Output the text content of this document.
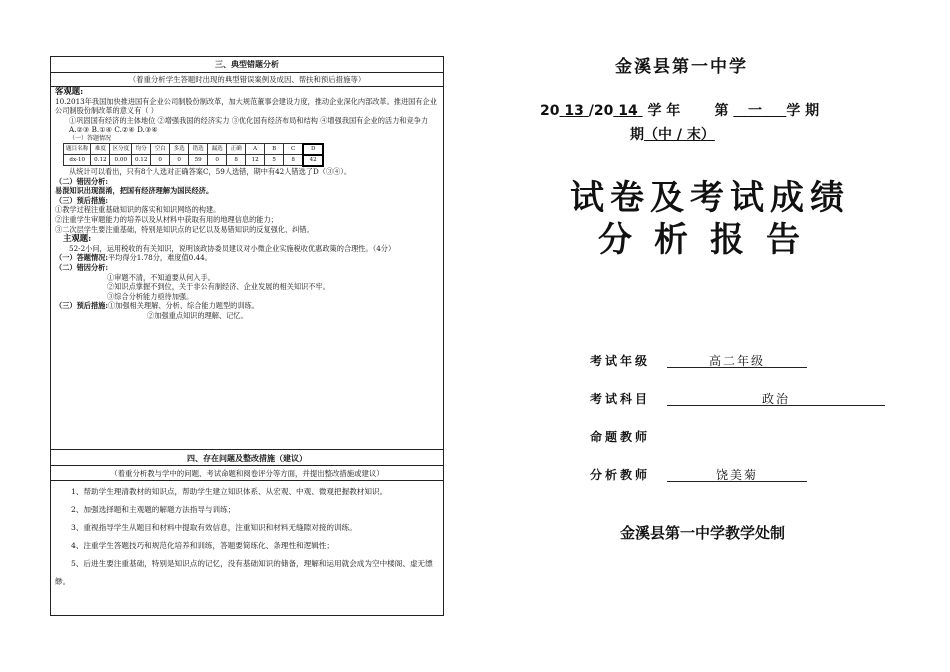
三、典型错题分析
（着重分析学生答题时出现的典型错误案例及成因、帮扶和预后措施等）
客观题:
10.2013年我国加快推进国有企业公司制股份制改革，加大规范董事会建设力度，推动企业深化内部改革。推进国有企业公司制股份制改革的意义有（ ）
①巩固国有经济的主体地位 ②增强我国的经济实力 ③优化国有经济布局和结构 ④增强我国有企业的活力和竞争力
A.②③ B.①④ C.②④ D.③④
（一）答题情况
题目名称	难度	区分度	均分	空白	多选	错选	漏选	正确	A	B	C	D
dx-10	0.12	0.00	0.12	0	0	59	0	8	12	5	8	42
从统计可以看出，只有8个人选对正确答案C，59人选错，期中有42人错选了D（③④）。
（二）错因分析:
易混知识出现混淆，把国有经济理解为国民经济。
（三）预后措施:
①教学过程注重基础知识的落实和知识网络的构建。
②注重学生审题能力的培养以及从材料中获取有用的地理信息的能力；
③二次层学生要注重基础，特别是知识点的记忆以及易错知识的反复强化、纠错。
主观题:
52-2小问，运用税收的有关知识，说明该政协委员建议对小微企业实施税收优惠政策的合理性。（4分）
（一）答题情况:平均得分1.78分，难度值0.44。
（二）错因分析:
①审题不清，不知道要从何入手。
②知识点掌握不到位，关于非公有制经济、企业发展的相关知识不牢。
③综合分析能力亟待加强。
（三）预后措施:①加强相关理解、分析、综合能力题型的训练。
②加强重点知识的理解、记忆。
四、存在问题及整改措施（建议）
（着重分析教与学中的问题、考试命题和阅卷评分等方面，并提出整改措施或建议）

1、帮助学生理清教材的知识点，帮助学生建立知识体系、从宏观、中观、微观把握教材知识。

2、加强选择题和主观题的解题方法指导与训练；

3、重视指导学生从题目和材料中提取有效信息，注重知识和材料无缝隙对接的训练。

4、注重学生答题技巧和规范化培养和训练，答题要简练化、条理性和逻辑性；

5、后进生要注重基础，特别是知识点的记忆，没有基础知识的储备，理解和运用就会成为空中楼阁、虚无缥缈。

金溪县第一中学
20 13 /20 14 学 年 第 一 学 期
期（中 / 末）
试卷及考试成绩
分析报告
考试年级	高二年级
考试科目	政治
命题教师
分析教师	饶美菊
金溪县第一中学教学处制
